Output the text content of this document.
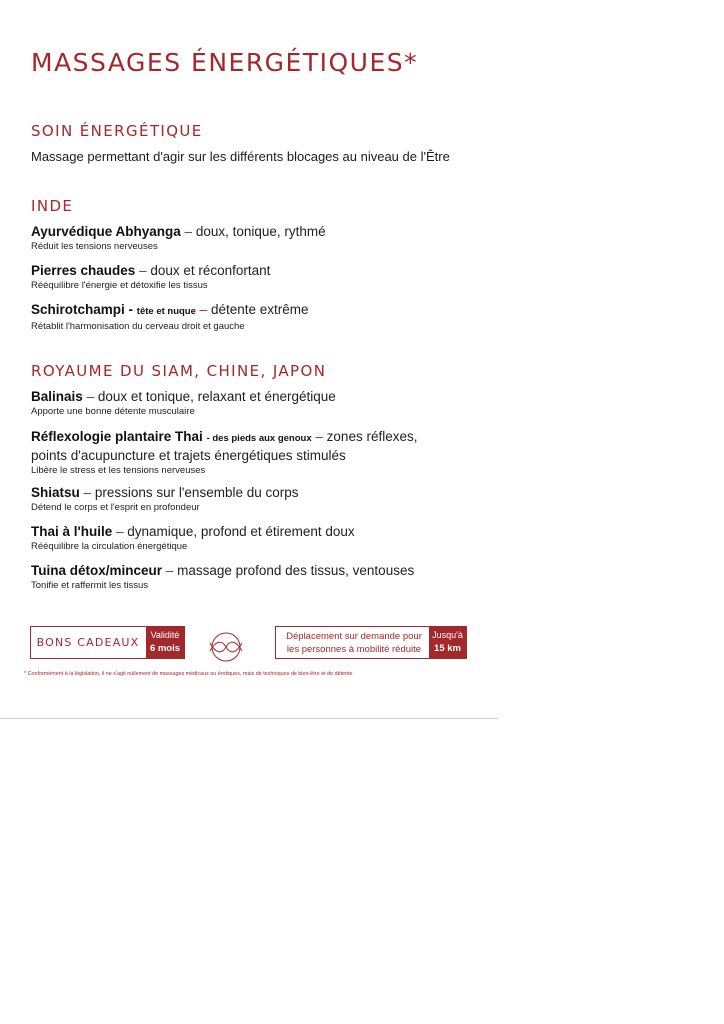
MASSAGES ÉNERGÉTIQUES*
SOIN ÉNERGÉTIQUE

Massage permettant d'agir sur les différents blocages au niveau de l'Être

INDE
Ayurvédique Abhyanga – doux, tonique, rythmé
Réduit les tensions nerveuses
Pierres chaudes – doux et réconfortant
Rééquilibre l'énergie et détoxifie les tissus
Schirotchampi - tête et nuque – détente extrême
Rétablit l'harmonisation du cerveau droit et gauche
ROYAUME DU SIAM, CHINE, JAPON
Balinais – doux et tonique, relaxant et énergétique
Apporte une bonne détente musculaire
Réflexologie plantaire Thai - des pieds aux genoux – zones réflexes,
points d'acupuncture et trajets énergétiques stimulés
Libère le stress et les tensions nerveuses
Shiatsu – pressions sur l'ensemble du corps
Détend le corps et l'esprit en profondeur
Thai à l'huile – dynamique, profond et étirement doux
Rééquilibre la circulation énergétique
Tuina détox/minceur – massage profond des tissus, ventouses
Tonifie et raffermit les tissus
BONS CADEAUX
Validité
6 mois
Déplacement sur demande pour
les personnes à mobilité réduite
Jusqu'à
15 km
* Conformément à la législation, il ne s'agit nullement de massages médicaux ou érotiques, mais de techniques de bien-être et de détente
